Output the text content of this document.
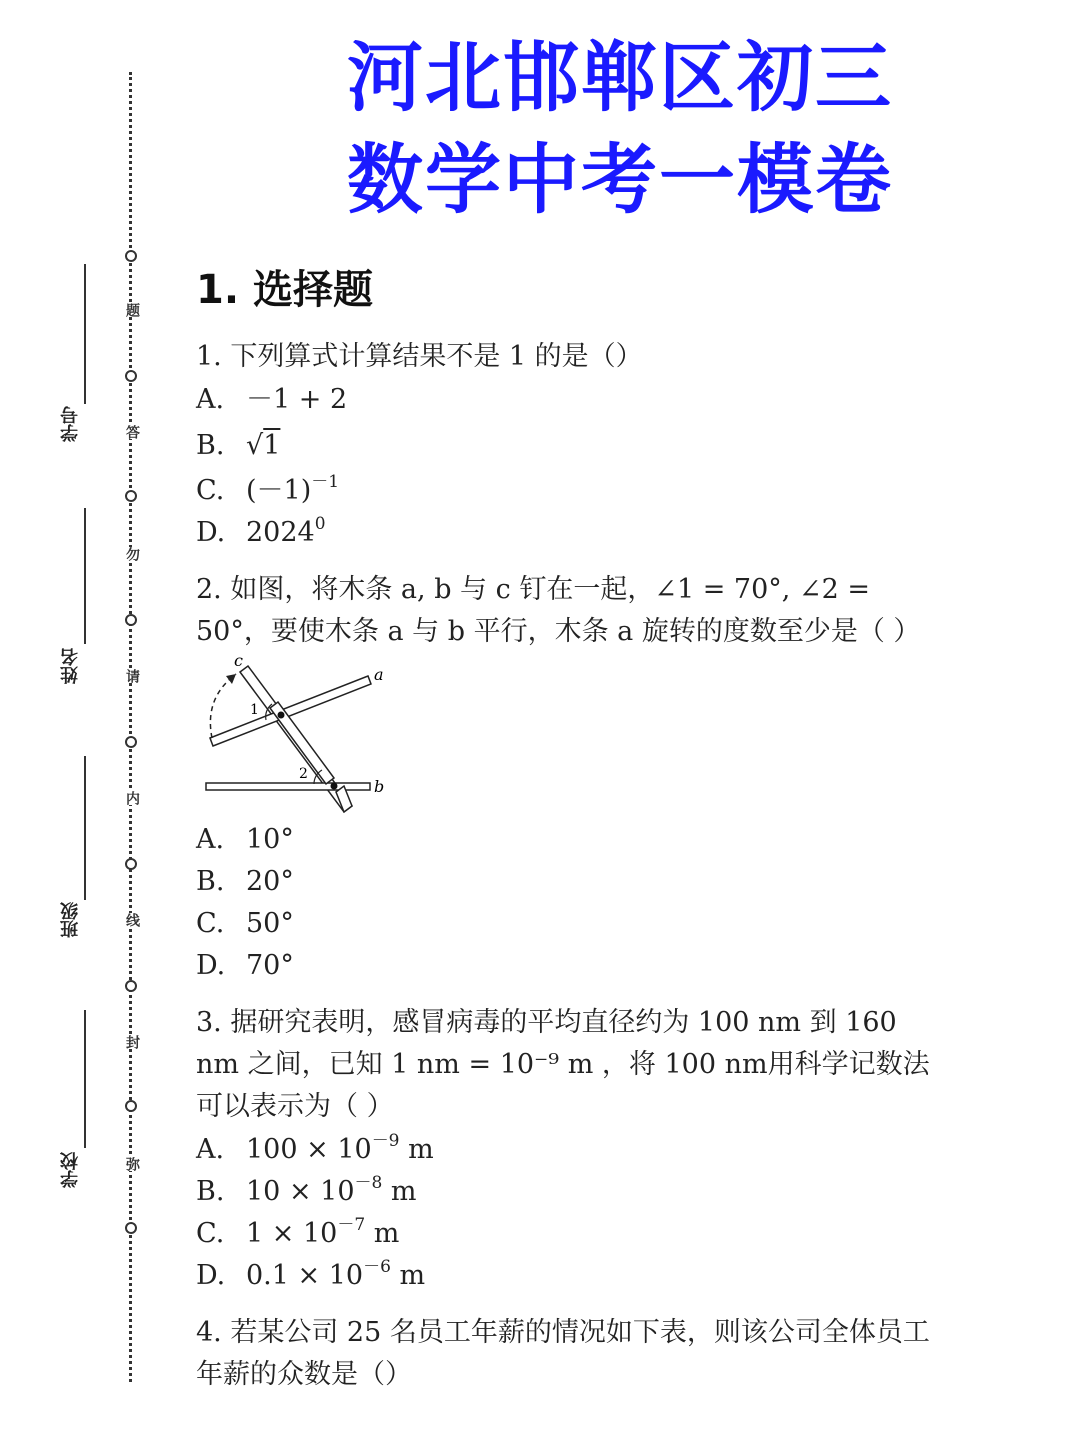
题
答
勿
请
内
线
封
弥
学号
姓名
班级
学校
河北邯郸区初三
数学中考一模卷
1. 选择题
1. 下列算式计算结果不是 1 的是（）
A. －1 + 2
B. √1
C. $(-1)^{-1}$
D. 2024$^0$
2. 如图，将木条 a, b 与 c 钉在一起，∠1 = 70°, ∠2 = 50°，要使木条 a 与 b 平行，木条 a 旋转的度数至少是（ ）
c
a
b
1
2
A. 10°
B. 20°
C. 50°
D. 70°
3. 据研究表明，感冒病毒的平均直径约为 100 nm 到 160 nm 之间，已知 1 nm = 10⁻⁹ m ，将 100 nm用科学记数法可以表示为（ ）
A. $100 \times 10^{-9}$ m
B. $10 \times 10^{-8}$ m
C. $1 \times 10^{-7}$ m
D. $0.1 \times 10^{-6}$ m
4. 若某公司 25 名员工年薪的情况如下表，则该公司全体员工年薪的众数是（）
